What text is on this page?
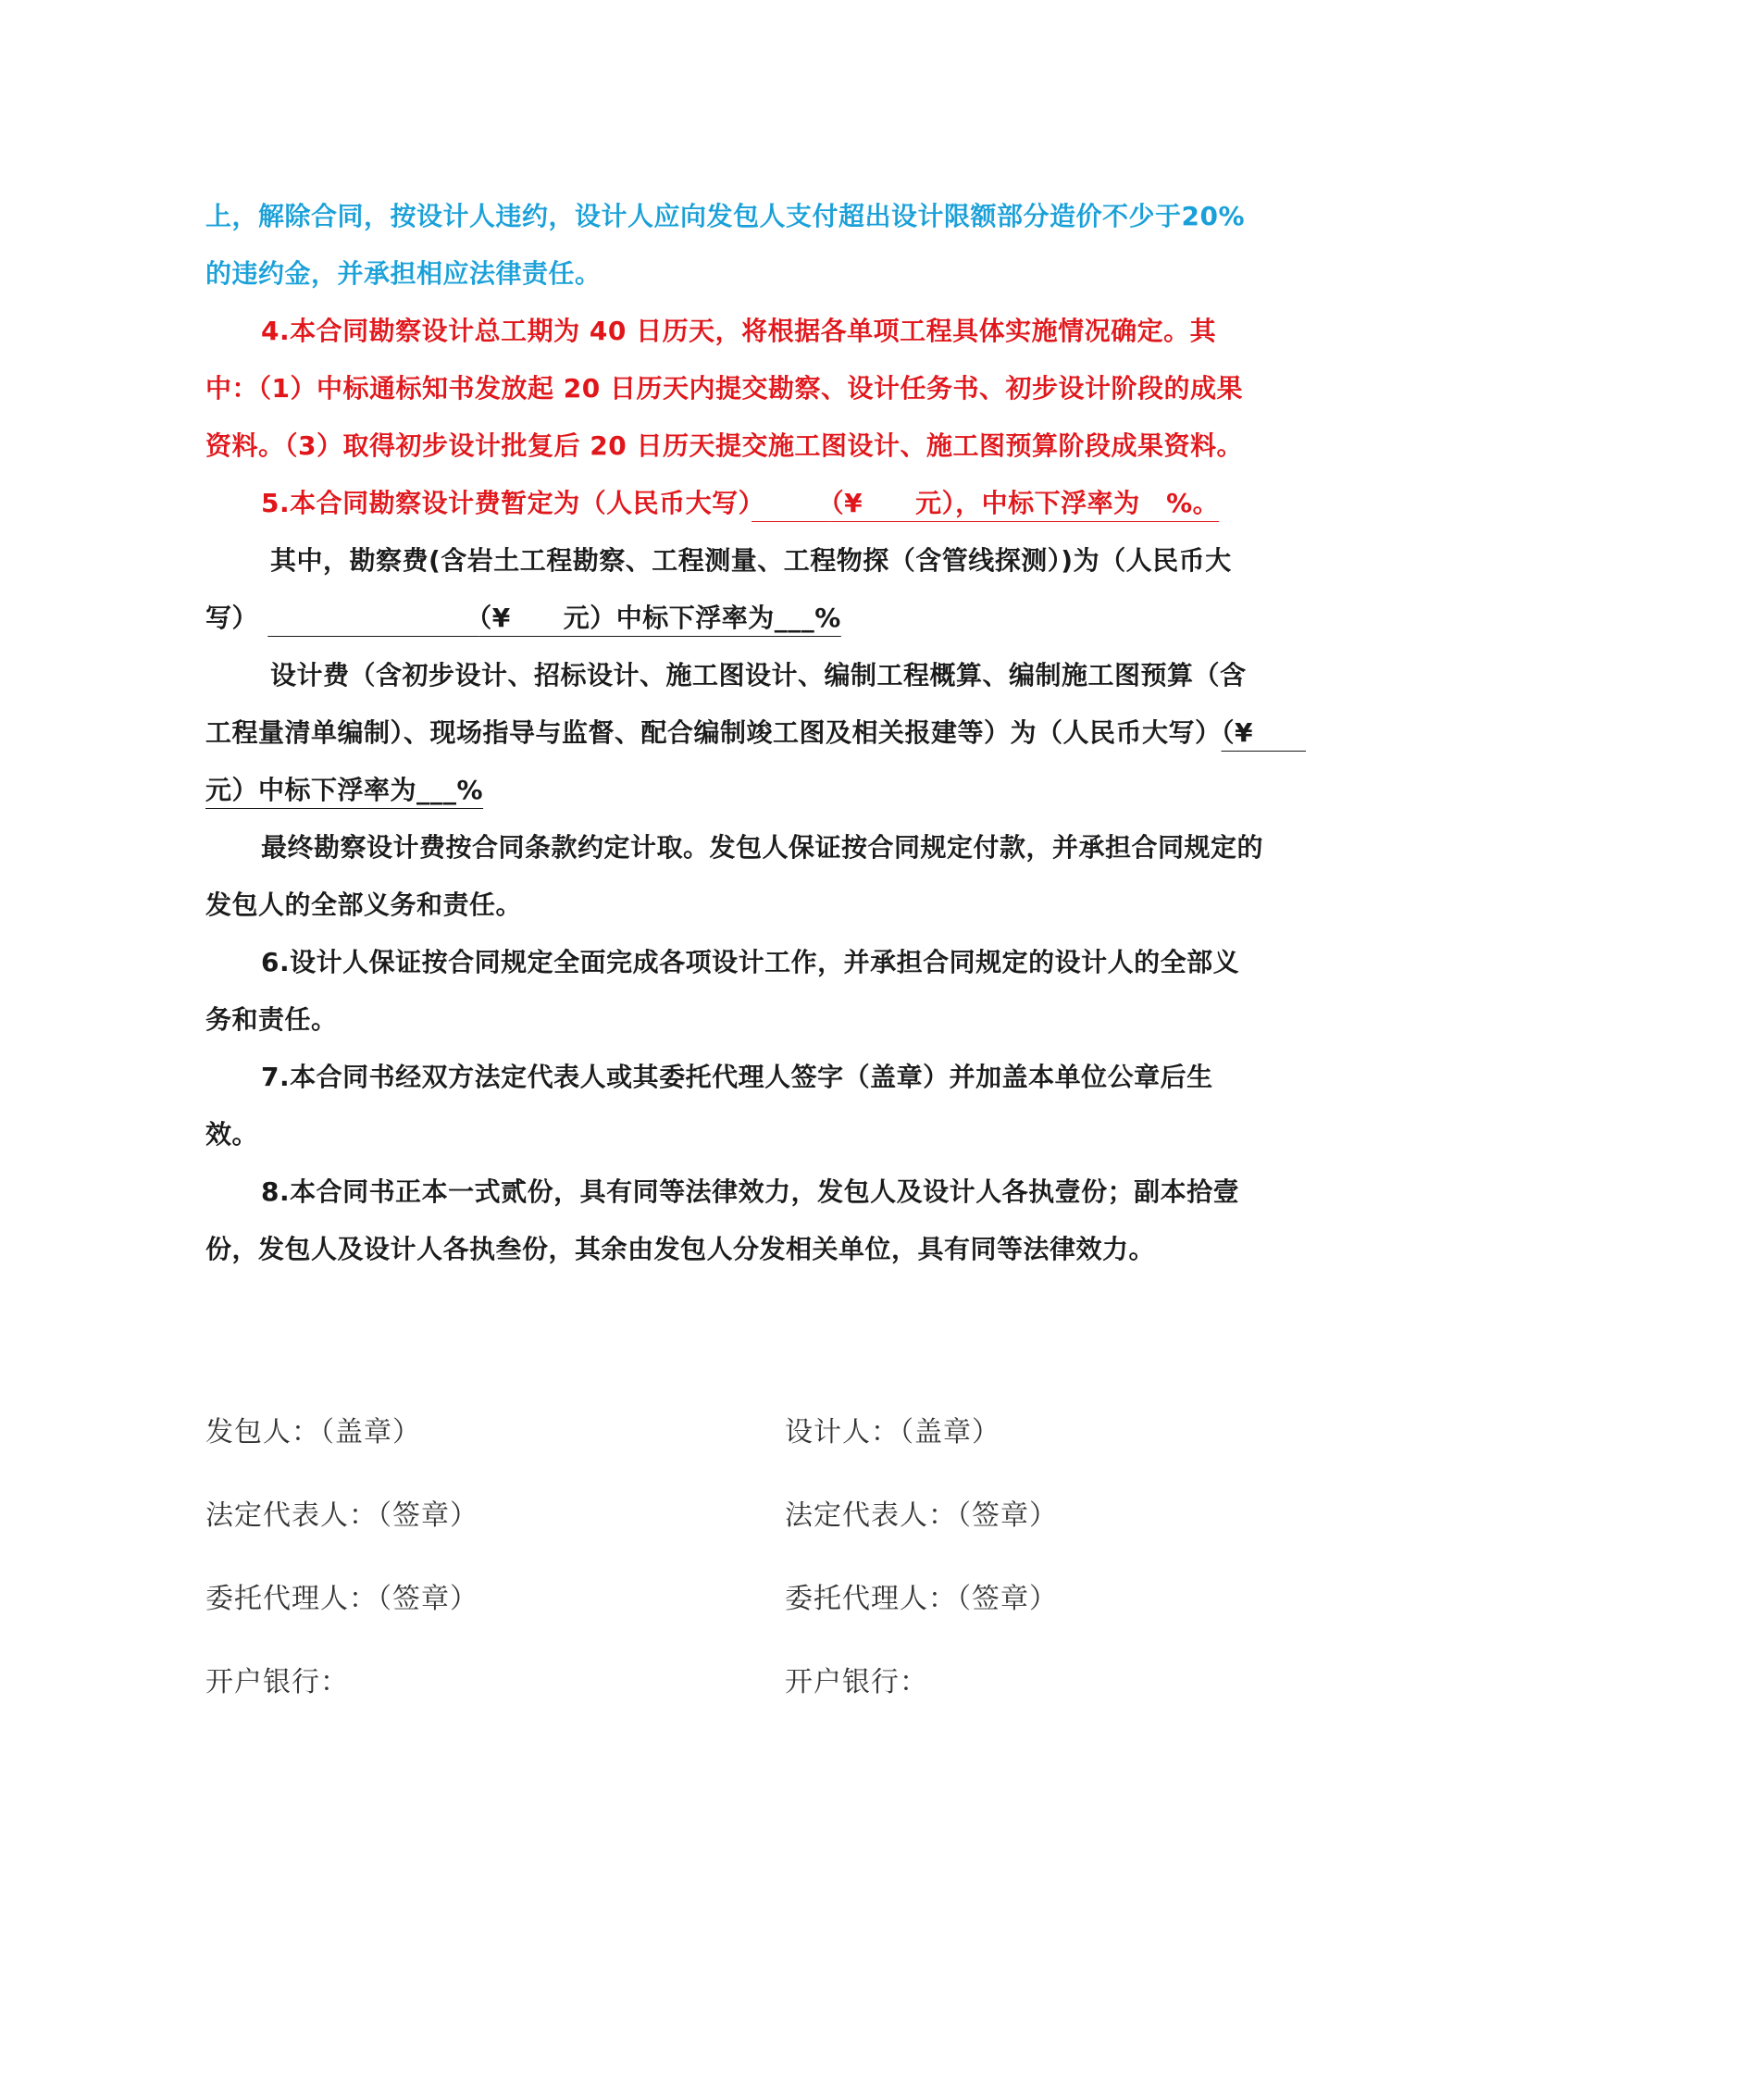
上，解除合同，按设计人违约，设计人应向发包人支付超出设计限额部分造价不少于20%的违约金，并承担相应法律责任。

4.本合同勘察设计总工期为 40 日历天，将根据各单项工程具体实施情况确定。其中：（1）中标通标知书发放起 20 日历天内提交勘察、设计任务书、初步设计阶段的成果资料。（3）取得初步设计批复后 20 日历天提交施工图设计、施工图预算阶段成果资料。

5.本合同勘察设计费暂定为（人民币大写）　　　	（¥　　元），中标下浮率为　%。

其中，勘察费(含岩土工程勘察、工程测量、工程物探（含管线探测）)为（人民币大写） 　　　　　　　　	（¥　　元）中标下浮率为___%

设计费（含初步设计、招标设计、施工图设计、编制工程概算、编制施工图预算（含工程量清单编制）、现场指导与监督、配合编制竣工图及相关报建等）为（人民币大写）（¥　　元）中标下浮率为___%

最终勘察设计费按合同条款约定计取。发包人保证按合同规定付款，并承担合同规定的发包人的全部义务和责任。

6.设计人保证按合同规定全面完成各项设计工作，并承担合同规定的设计人的全部义务和责任。

7.本合同书经双方法定代表人或其委托代理人签字（盖章）并加盖本单位公章后生效。

8.本合同书正本一式贰份，具有同等法律效力，发包人及设计人各执壹份；副本拾壹份，发包人及设计人各执叁份，其余由发包人分发相关单位，具有同等法律效力。

发包人：（盖章）	设计人：（盖章）
法定代表人：（签章）	法定代表人：（签章）
委托代理人：（签章）	委托代理人：（签章）
开户银行：	开户银行：
